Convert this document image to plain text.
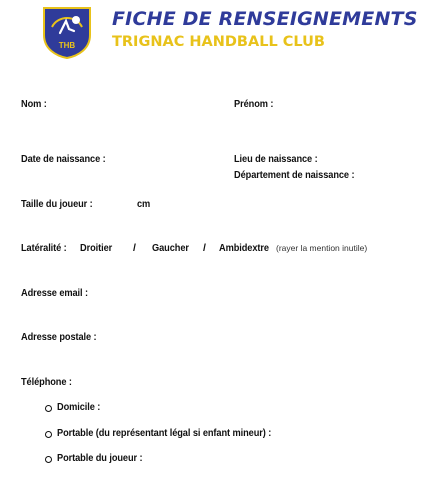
THB
FICHE DE RENSEIGNEMENTS
TRIGNAC HANDBALL CLUB
Nom :	Prénom :
Date de naissance :	Lieu de naissance :
Département de naissance :
Taille du joueur :	cm
Latéralité : Droitier / Gaucher / Ambidextre (rayer la mention inutile)
Adresse email :
Adresse postale :
Téléphone :
Domicile :
Portable (du représentant légal si enfant mineur) :
Portable du joueur :
